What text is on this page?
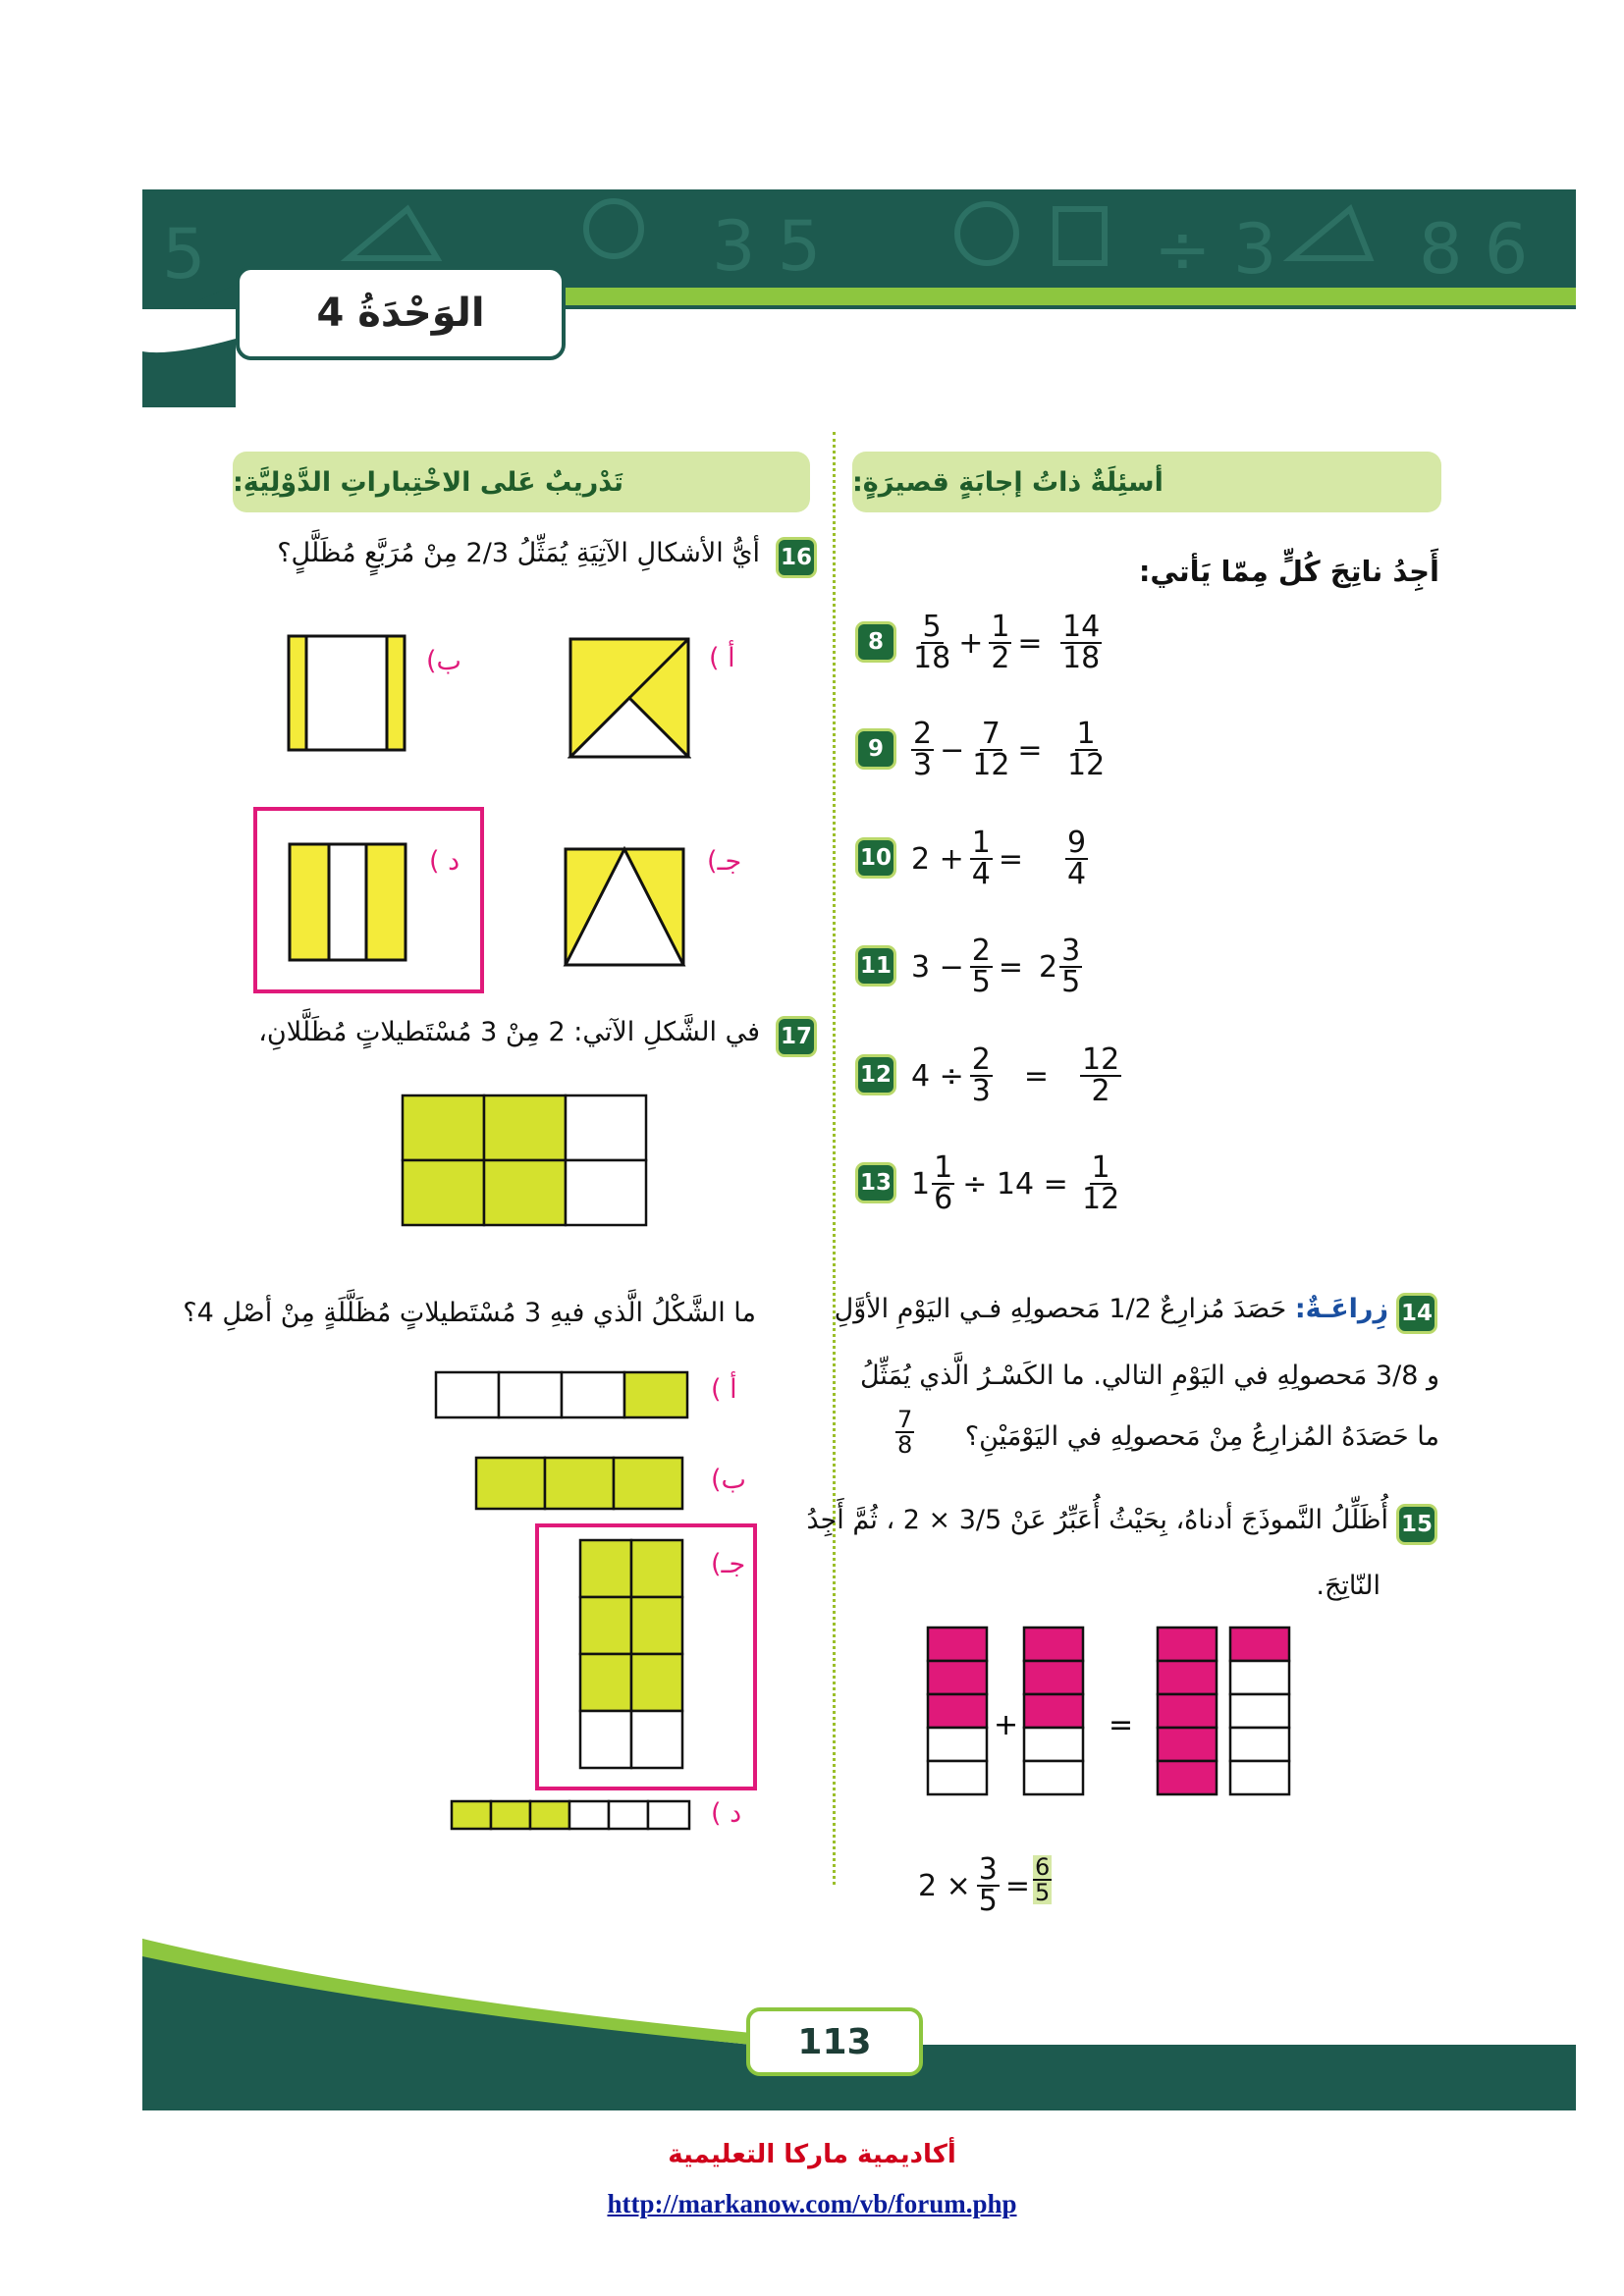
5	3 5	÷ 3 8 6
الوَحْدَةُ 4
أسئِلَةٌ ذاتُ إجابَةٍ قصيرَةٍ:
تَدْريبٌ عَلى الاخْتِباراتِ الدَّوْلِيَّةِ:
أَجِدُ ناتِجَ كُلٍّ مِمّا يَأتي:
$8 \frac{5}{18} + \frac{1}{2} = \frac{14}{18}$
$9 \frac{2}{3} - \frac{7}{12} = \frac{1}{12}$
10 $2 + \frac{1}{4} = \frac{9}{4}$
11 $3 - \frac{2}{5} = 2 \frac{3}{5}$
12 $4 \div \frac{2}{3} = \frac{12}{2}$
13 $1 \frac{1}{6} \div 14 = \frac{1}{12}$
14
زِراعَـةٌ: حَصَدَ مُزارِعٌ 1/2 مَحصولِهِ فـي اليَوْمِ الأوَّلِ
و 3/8 مَحصولِهِ في اليَوْمِ التالي. ما الكَسْـرُ الَّذي يُمَثِّلُ
ما حَصَدَهُ المُزارِعُ مِنْ مَحصولِهِ في اليَوْمَيْنِ؟
$\frac{7}{8}$
15
أُظَلِّلُ النَّموذَجَ أدناهُ، بِحَيْثُ أُعَبِّرُ عَنْ 3/5 × 2 ، ثُمَّ أَجِدُ
النّاتِجَ.
+	=
$2 \times \frac{3}{5} = \frac{6}{5}$
16
أيُّ الأشكالِ الآتِيَةِ يُمَثِّلُ 2/3 مِنْ مُرَبَّعٍ مُظَلَّلٍ؟
أ )
ب)
جـ)
د )
17
في الشَّكلِ الآتي: 2 مِنْ 3 مُسْتَطيلاتٍ مُظَلَّلانِ،
ما الشَّكْلُ الَّذي فيهِ 3 مُسْتَطيلاتٍ مُظَلَّلَةٍ مِنْ أصْلِ 4؟
أ )
ب)
جـ)
د )
113
أكاديمية ماركا التعليمية
http://markanow.com/vb/forum.php
